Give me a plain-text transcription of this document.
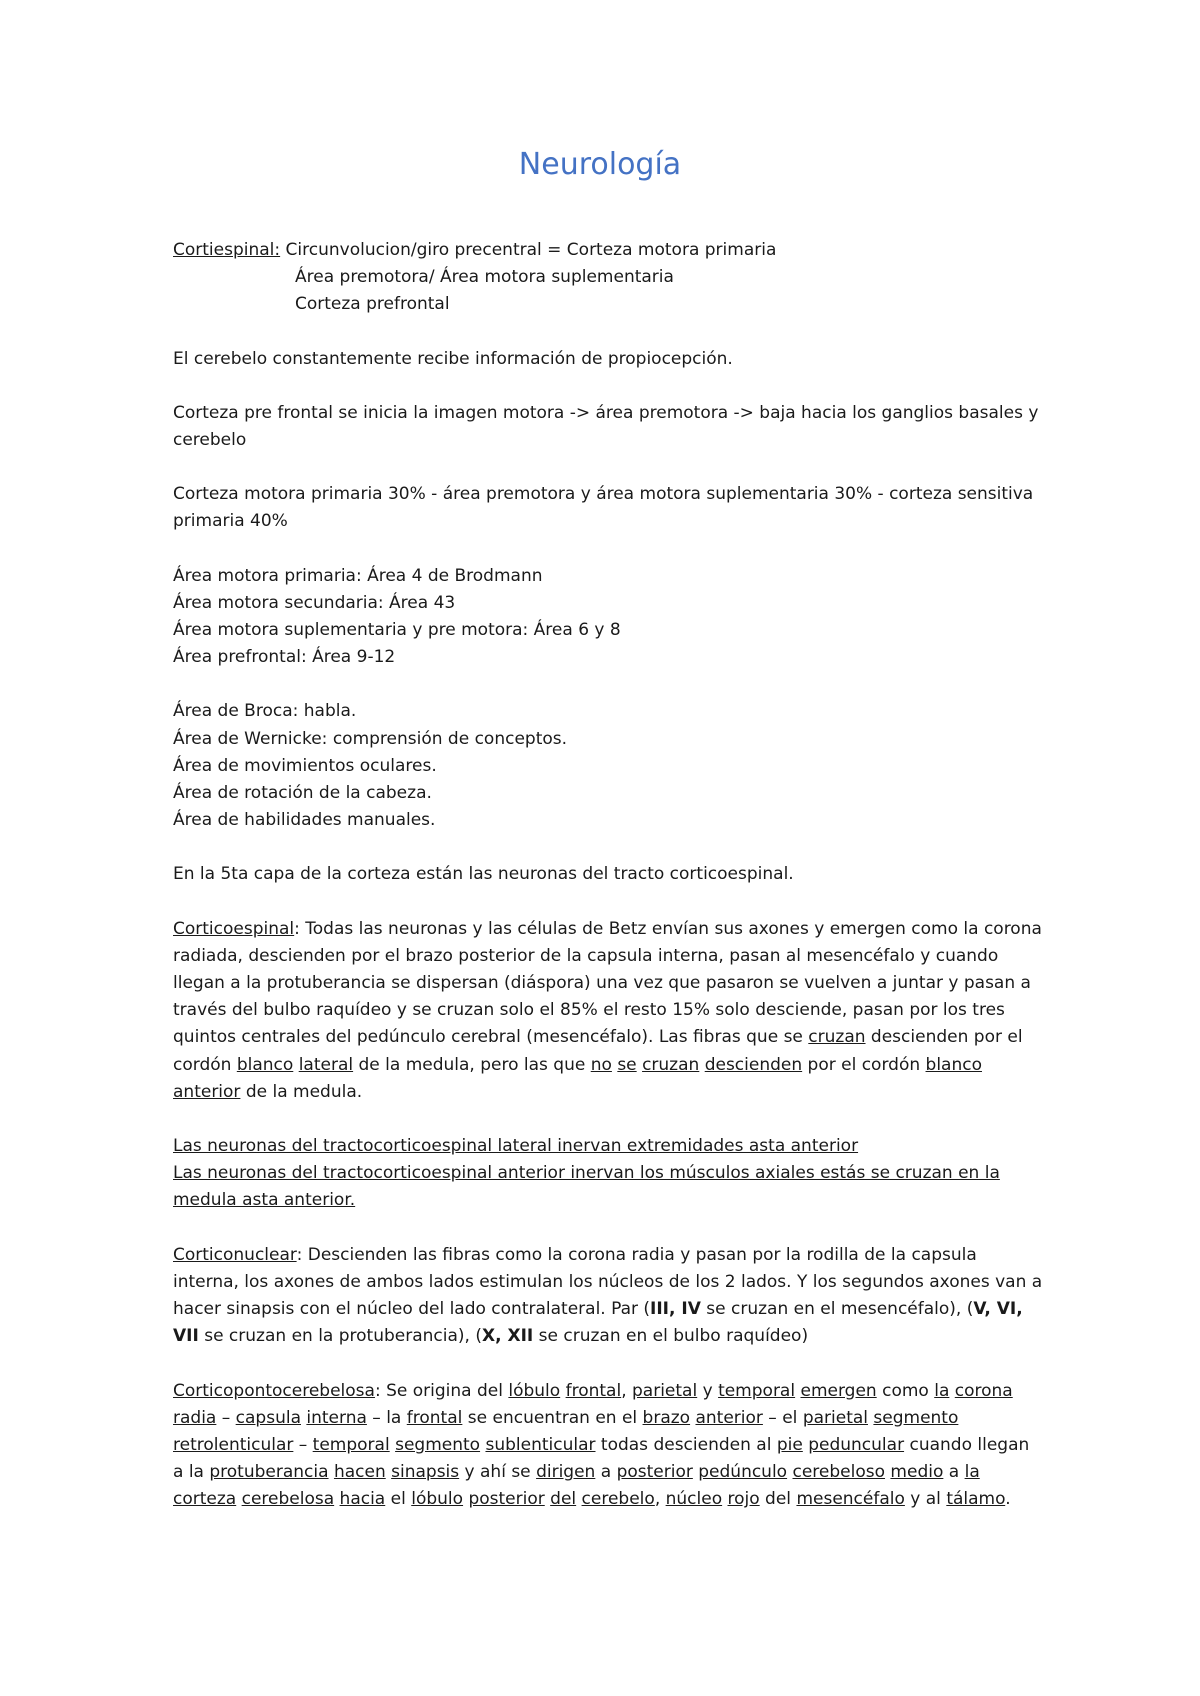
Neurología

Cortiespinal: Circunvolucion/giro precentral = Corteza motora primaria

Área premotora/ Área motora suplementaria

Corteza prefrontal

El cerebelo constantemente recibe información de propiocepción.

Corteza pre frontal se inicia la imagen motora -> área premotora -> baja hacia los ganglios basales y cerebelo

Corteza motora primaria 30% - área premotora y área motora suplementaria 30% - corteza sensitiva primaria 40%

Área motora primaria: Área 4 de Brodmann

Área motora secundaria: Área 43

Área motora suplementaria y pre motora: Área 6 y 8

Área prefrontal: Área 9-12

Área de Broca: habla.

Área de Wernicke: comprensión de conceptos.

Área de movimientos oculares.

Área de rotación de la cabeza.

Área de habilidades manuales.

En la 5ta capa de la corteza están las neuronas del tracto corticoespinal.

Corticoespinal: Todas las neuronas y las células de Betz envían sus axones y emergen como la corona radiada, descienden por el brazo posterior de la capsula interna, pasan al mesencéfalo y cuando llegan a la protuberancia se dispersan (diáspora) una vez que pasaron se vuelven a juntar y pasan a través del bulbo raquídeo y se cruzan solo el 85% el resto 15% solo desciende, pasan por los tres quintos centrales del pedúnculo cerebral (mesencéfalo). Las fibras que se cruzan descienden por el cordón blanco lateral de la medula, pero las que no se cruzan descienden por el cordón blanco anterior de la medula.

Las neuronas del tractocorticoespinal lateral inervan extremidades asta anterior

Las neuronas del tractocorticoespinal anterior inervan los músculos axiales estás se cruzan en la medula asta anterior.

Corticonuclear: Descienden las fibras como la corona radia y pasan por la rodilla de la capsula interna, los axones de ambos lados estimulan los núcleos de los 2 lados. Y los segundos axones van a hacer sinapsis con el núcleo del lado contralateral. Par (III, IV se cruzan en el mesencéfalo), (V, VI, VII se cruzan en la protuberancia), (X, XII se cruzan en el bulbo raquídeo)

Corticopontocerebelosa: Se origina del lóbulo frontal, parietal y temporal emergen como la corona radia – capsula interna – la frontal se encuentran en el brazo anterior – el parietal segmento retrolenticular – temporal segmento sublenticular todas descienden al pie peduncular cuando llegan a la protuberancia hacen sinapsis y ahí se dirigen a posterior pedúnculo cerebeloso medio a la corteza cerebelosa hacia el lóbulo posterior del cerebelo, núcleo rojo del mesencéfalo y al tálamo.
